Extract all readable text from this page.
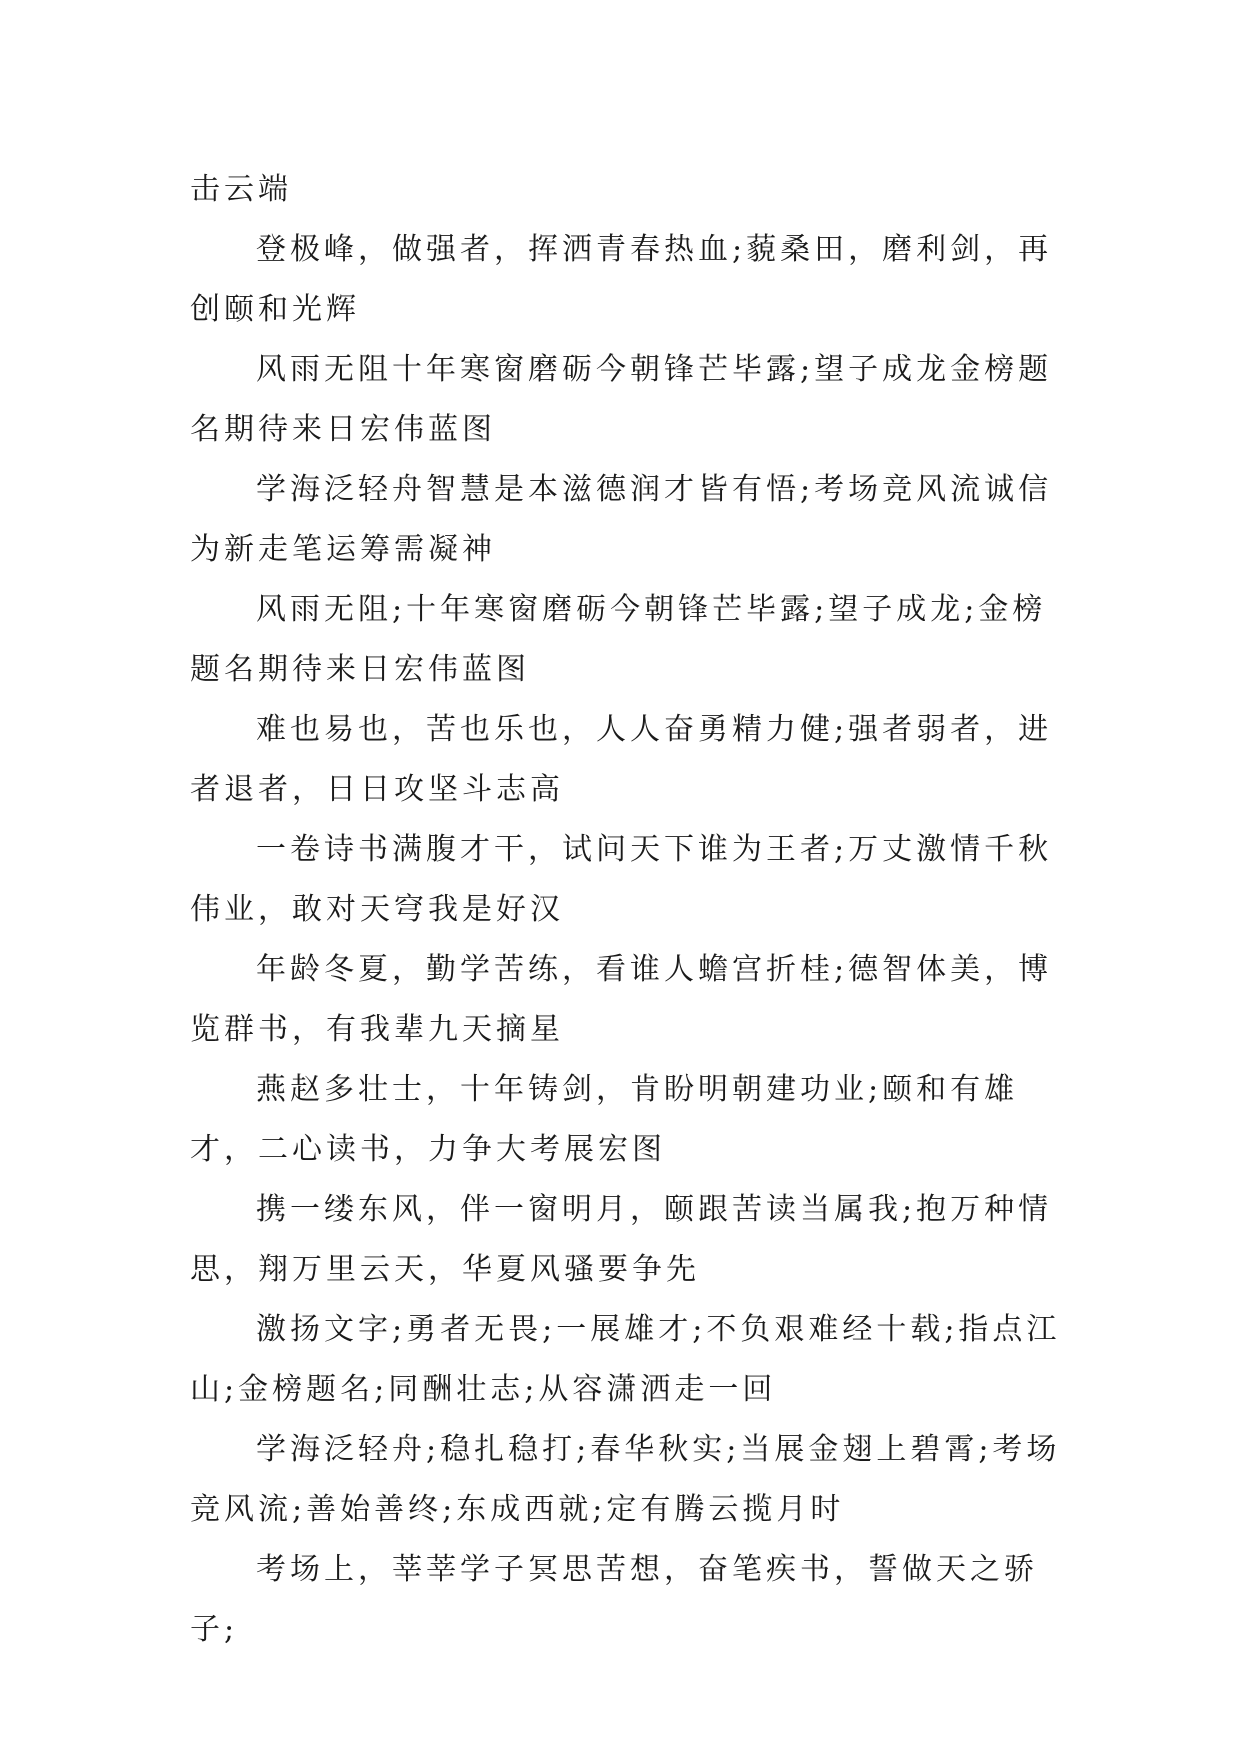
击云端

登极峰，做强者，挥洒青春热血;藐桑田，磨利剑，再创颐和光辉

风雨无阻十年寒窗磨砺今朝锋芒毕露;望子成龙金榜题名期待来日宏伟蓝图

学海泛轻舟智慧是本滋德润才皆有悟;考场竞风流诚信为新走笔运筹需凝神

风雨无阻;十年寒窗磨砺今朝锋芒毕露;望子成龙;金榜题名期待来日宏伟蓝图

难也易也，苦也乐也，人人奋勇精力健;强者弱者，进者退者，日日攻坚斗志高

一卷诗书满腹才干，试问天下谁为王者;万丈激情千秋伟业，敢对天穹我是好汉

年龄冬夏，勤学苦练，看谁人蟾宫折桂;德智体美，博览群书，有我辈九天摘星

燕赵多壮士，十年铸剑，肯盼明朝建功业;颐和有雄才，二心读书，力争大考展宏图

携一缕东风，伴一窗明月，颐跟苦读当属我;抱万种情思，翔万里云天，华夏风骚要争先

激扬文字;勇者无畏;一展雄才;不负艰难经十载;指点江山;金榜题名;同酬壮志;从容潇洒走一回

学海泛轻舟;稳扎稳打;春华秋实;当展金翅上碧霄;考场竞风流;善始善终;东成西就;定有腾云揽月时

考场上，莘莘学子冥思苦想，奋笔疾书，誓做天之骄子;
